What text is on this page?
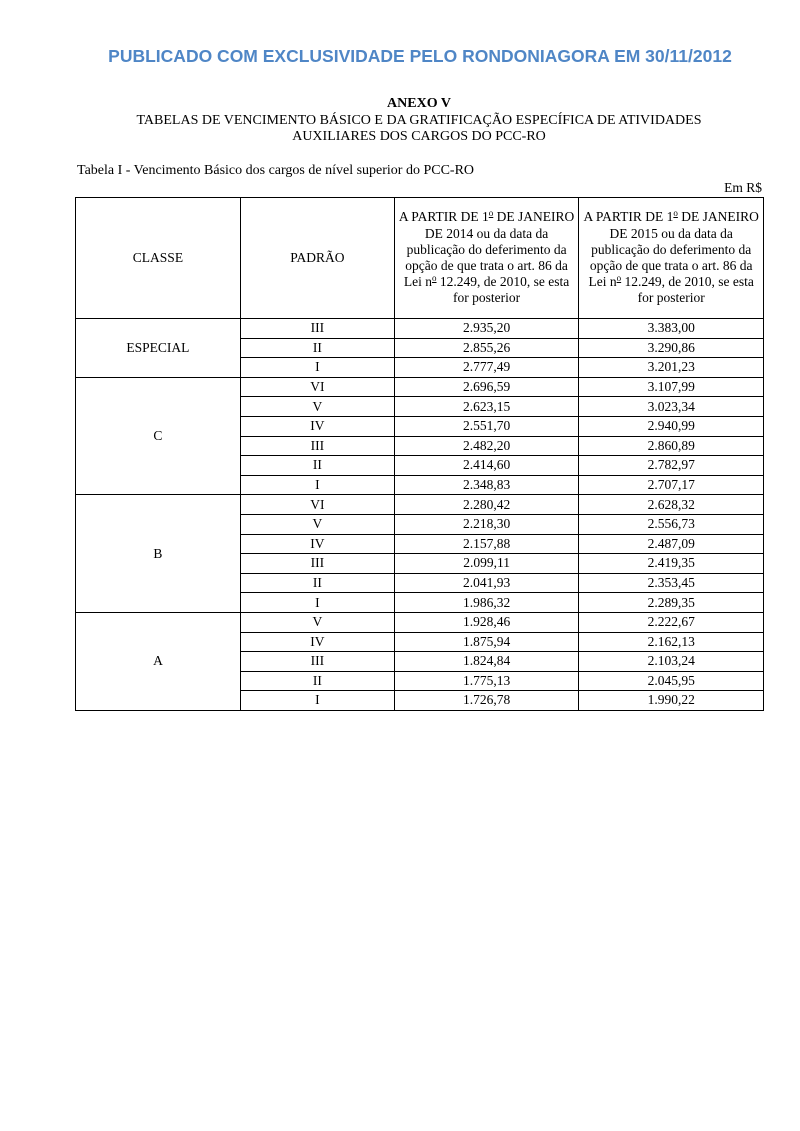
PUBLICADO COM EXCLUSIVIDADE PELO RONDONIAGORA EM 30/11/2012
ANEXO V
TABELAS DE VENCIMENTO BÁSICO E DA GRATIFICAÇÃO ESPECÍFICA DE ATIVIDADES
AUXILIARES DOS CARGOS DO PCC-RO
Tabela I - Vencimento Básico dos cargos de nível superior do PCC-RO
Em R$
CLASSE	PADRÃO	A PARTIR DE 1$^o$ DE JANEIRO DE 2014 ou da data da publicação do deferimento da opção de que trata o art. 86 da Lei $n^o$ 12.249, de 2010, se esta for posterior	A PARTIR DE 1$^o$ DE JANEIRO DE 2015 ou da data da publicação do deferimento da opção de que trata o art. 86 da Lei $n^o$ 12.249, de 2010, se esta for posterior
ESPECIAL	III	2.935,20	3.383,00
	II	2.855,26	3.290,86
	I	2.777,49	3.201,23
C	VI	2.696,59	3.107,99
	V	2.623,15	3.023,34
	IV	2.551,70	2.940,99
	III	2.482,20	2.860,89
	II	2.414,60	2.782,97
	I	2.348,83	2.707,17
B	VI	2.280,42	2.628,32
	V	2.218,30	2.556,73
	IV	2.157,88	2.487,09
	III	2.099,11	2.419,35
	II	2.041,93	2.353,45
	I	1.986,32	2.289,35
A	V	1.928,46	2.222,67
	IV	1.875,94	2.162,13
	III	1.824,84	2.103,24
	II	1.775,13	2.045,95
	I	1.726,78	1.990,22
